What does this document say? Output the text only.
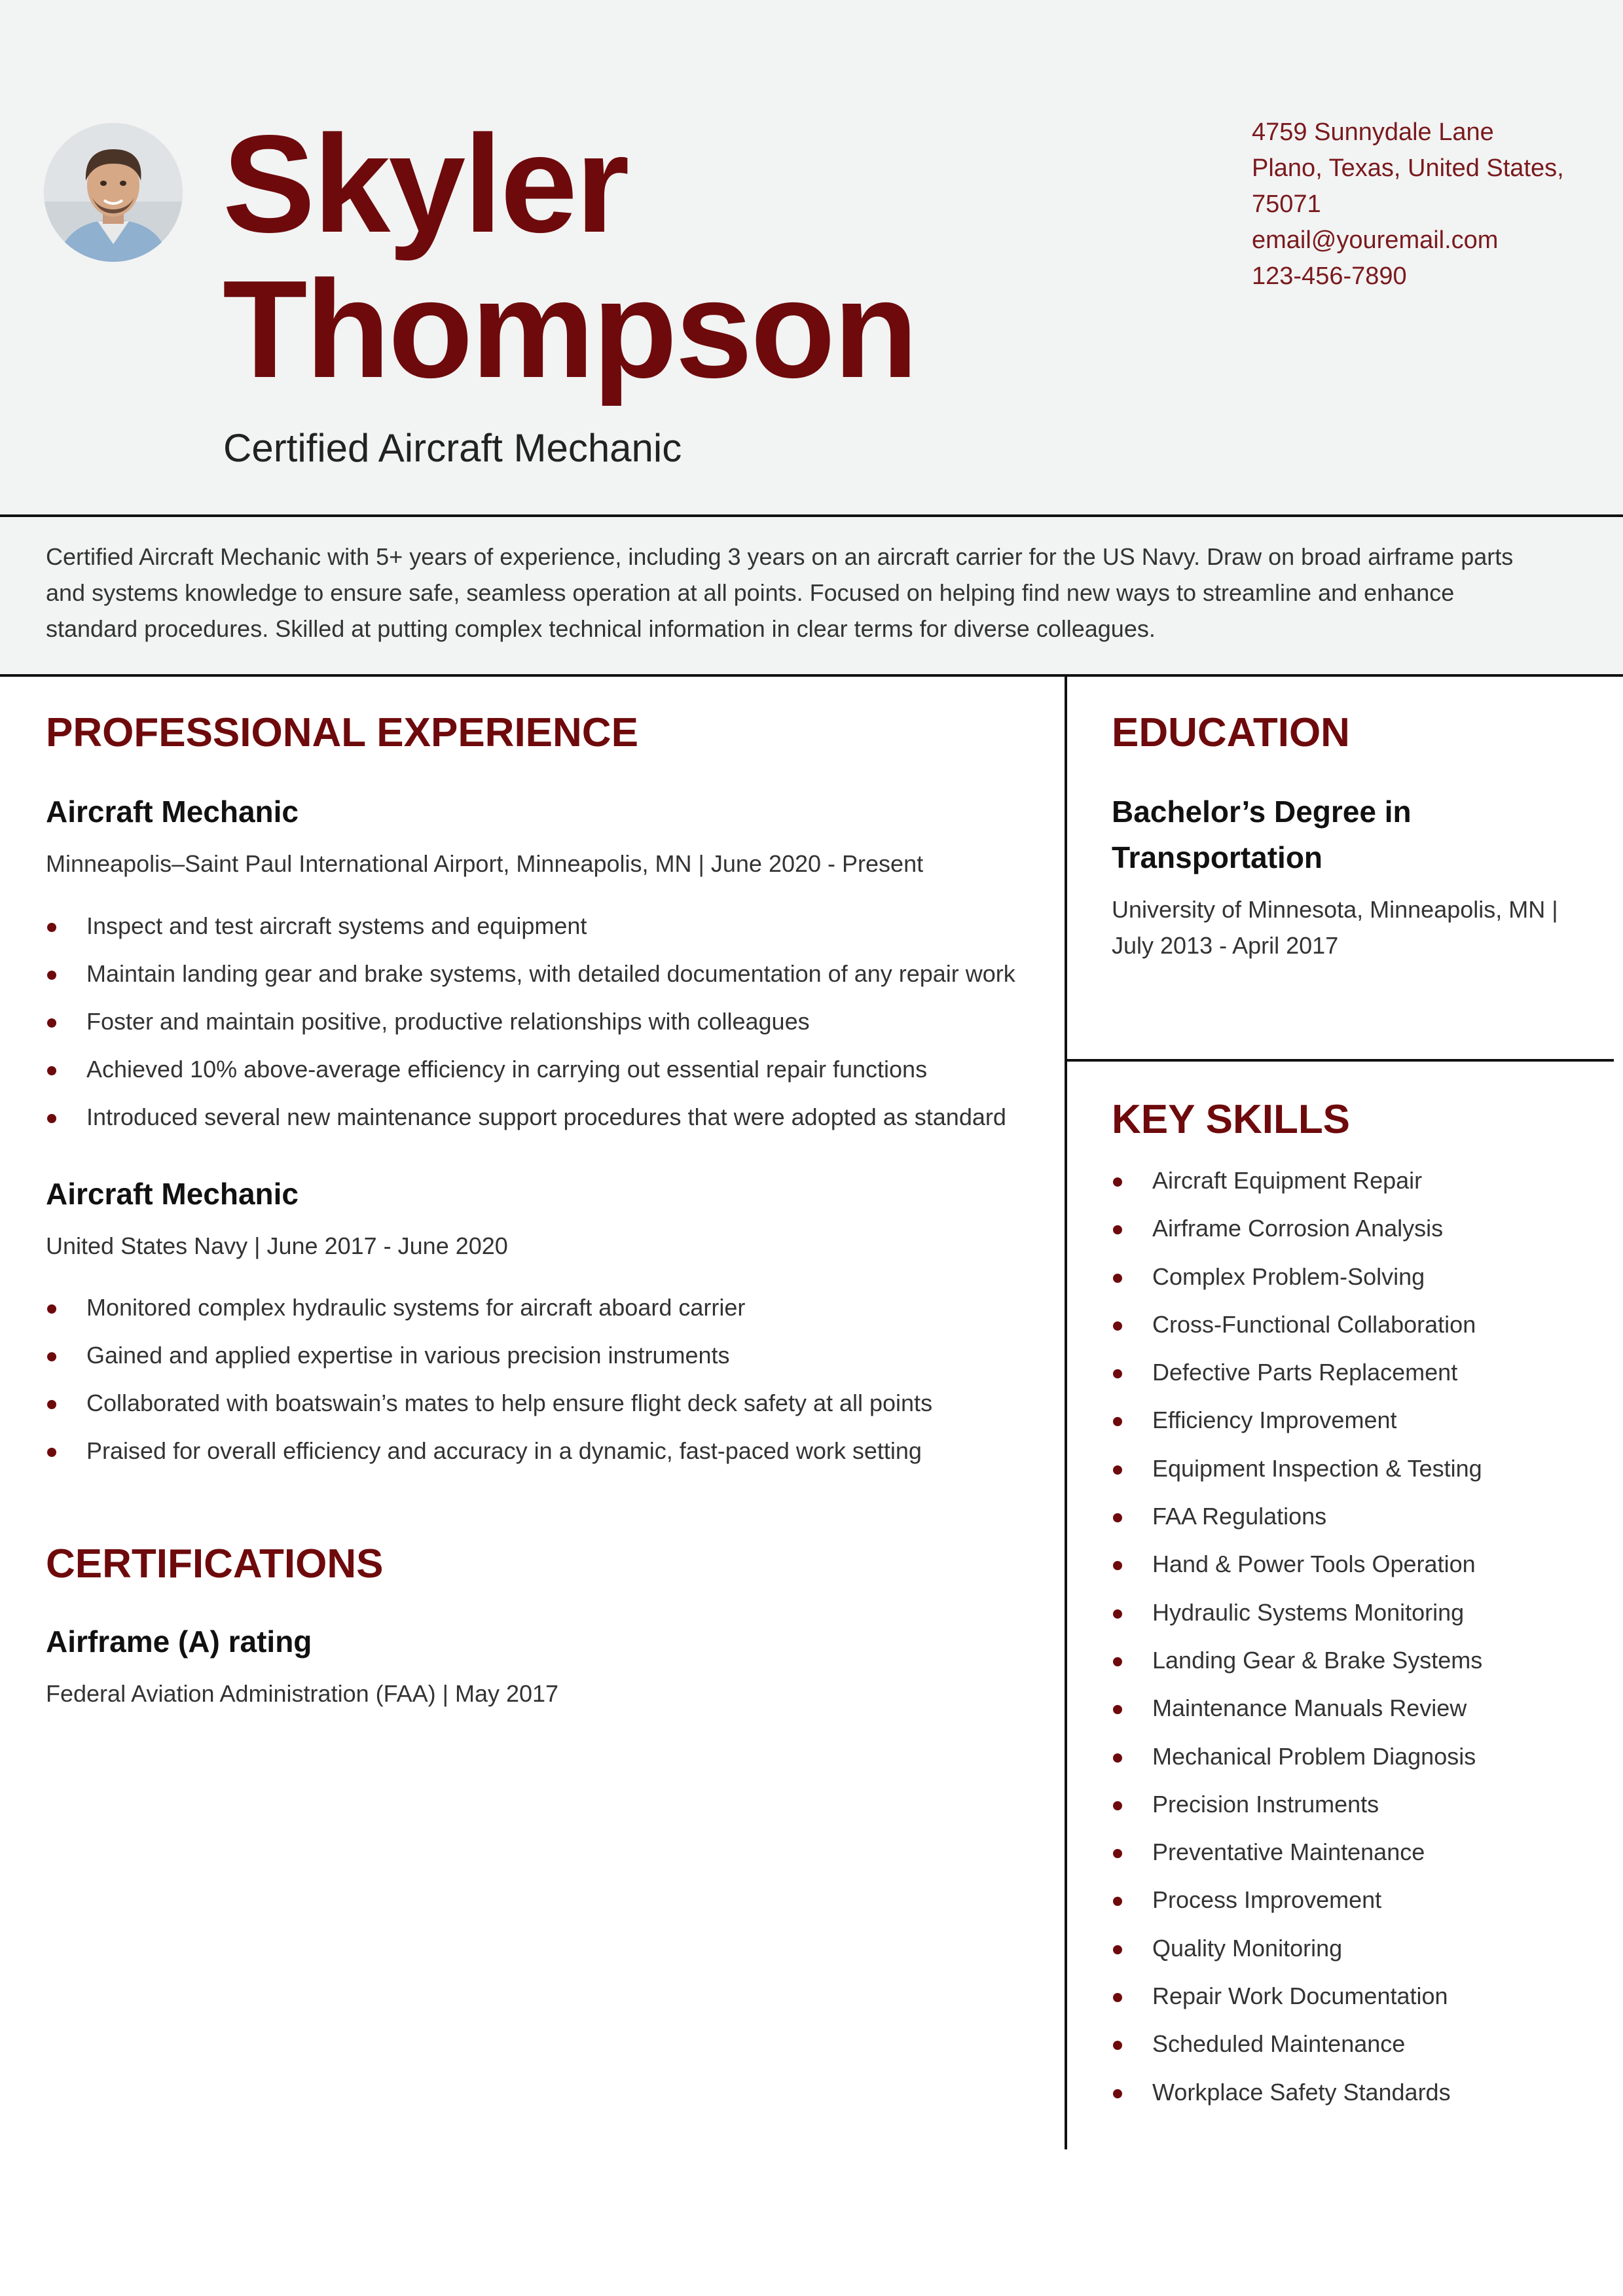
Skyler
Thompson
Certified Aircraft Mechanic
4759 Sunnydale Lane
Plano, Texas, United States,
75071
email@youremail.com
123-456-7890

Certified Aircraft Mechanic with 5+ years of experience, including 3 years on an aircraft carrier for the US Navy. Draw on broad airframe parts and systems knowledge to ensure safe, seamless operation at all points. Focused on helping find new ways to streamline and enhance standard procedures. Skilled at putting complex technical information in clear terms for diverse colleagues.

PROFESSIONAL EXPERIENCE
Aircraft Mechanic
Minneapolis–Saint Paul International Airport, Minneapolis, MN | June 2020 - Present
Inspect and test aircraft systems and equipment
Maintain landing gear and brake systems, with detailed documentation of any repair work
Foster and maintain positive, productive relationships with colleagues
Achieved 10% above-average efficiency in carrying out essential repair functions
Introduced several new maintenance support procedures that were adopted as standard
Aircraft Mechanic
United States Navy | June 2017 - June 2020
Monitored complex hydraulic systems for aircraft aboard carrier
Gained and applied expertise in various precision instruments
Collaborated with boatswain’s mates to help ensure flight deck safety at all points
Praised for overall efficiency and accuracy in a dynamic, fast-paced work setting
CERTIFICATIONS
Airframe (A) rating
Federal Aviation Administration (FAA) | May 2017
EDUCATION
Bachelor’s Degree in
Transportation
University of Minnesota, Minneapolis, MN |
July 2013 - April 2017
KEY SKILLS
Aircraft Equipment Repair
Airframe Corrosion Analysis
Complex Problem-Solving
Cross-Functional Collaboration
Defective Parts Replacement
Efficiency Improvement
Equipment Inspection & Testing
FAA Regulations
Hand & Power Tools Operation
Hydraulic Systems Monitoring
Landing Gear & Brake Systems
Maintenance Manuals Review
Mechanical Problem Diagnosis
Precision Instruments
Preventative Maintenance
Process Improvement
Quality Monitoring
Repair Work Documentation
Scheduled Maintenance
Workplace Safety Standards
